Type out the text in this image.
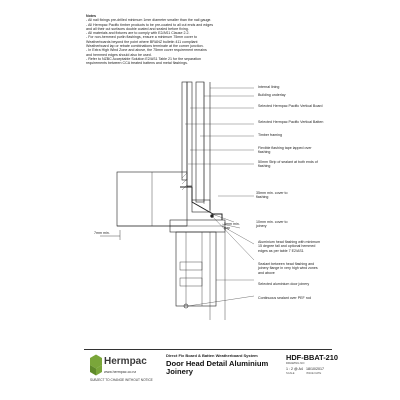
Notes
- All nail fixings pre-drilled minimum 1mm diameter smaller than the nail gauge.
- All Hermpac Pacific timber products to be pre-coated to all cut ends and edges
and all their cut surfaces double coated and sealed before fixing.
- All materials and fixtures are to comply with E2/AS1 Clause 2.2.
- For non-hemmed purlin flashings, ensure a minimum 75mm cover to
Weatherboards beyond the point where BRANZ bulletin 411 compliant
Weatherboard lap or rebate combinations terminate at the corner junction.
- In Extra High Wind Zone and above, the 75mm cover requirement remains
and hemmed edges should also be used.
- Refer to NZBC Acceptable Solution E2/AS1 Table 21 for the separation
requirements between CCA treated battens and metal flashings.
Internal lining
Building underlay
Selected Hermpac Pacific Vertical Board
Selected Hermpac Pacific Vertical Batten
Timber framing
Flexible flashing tape lapped over flashing
50mm Strip of sealant at both ends of flashing
35mm min. cover to flashing
5mm min. gap
10mm min. cover to joinery
7mm min.
Aluminium head flashing with minimum 15 degree fall and optional hemmed edges as per table 7 E2/AS1
Sealant between head flashing and joinery flange in very high wind zones and above
Selected aluminium door joinery
Continuous sealant over PEF rod
Hermpac
www.hermpac.co.nz
SUBJECT TO CHANGE WITHOUT NOTICE
Direct Fix Board & Batten Weatherboard System
Door Head Detail Aluminium
Joinery
HDF-BBAT-210
DRAWING NO
1 : 2 @ A4 18/10/2017
SCALE	ISSUE DATE
